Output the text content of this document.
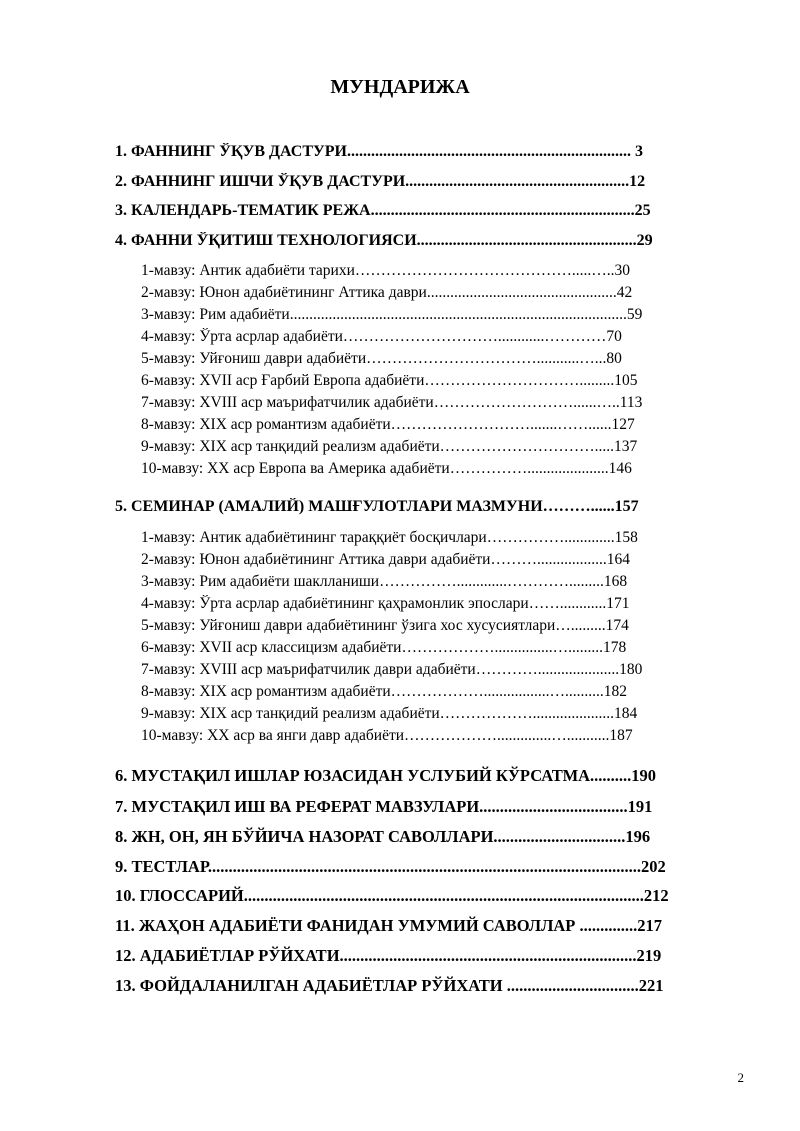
МУНДАРИЖА
1. ФАННИНГ ЎҚУВ ДАСТУРИ....................................................................... 3
2. ФАННИНГ ИШЧИ ЎҚУВ ДАСТУРИ........................................................12
3. КАЛЕНДАРЬ-ТЕМАТИК РЕЖА..................................................................25
4. ФАННИ ЎҚИТИШ ТЕХНОЛОГИЯСИ.......................................................29
1-мавзу: Антик адабиёти тарихи…………………………………….....…..30
2-мавзу: Юнон адабиётининг Аттика даври.................................................42
3-мавзу: Рим адабиёти.......................................................................................59
4-мавзу: Ўрта асрлар адабиёти…………………………............…………70
5-мавзу: Уйғониш даври адабиёти……………………………...........…...80
6-мавзу: XVII аср Ғарбий Европа адабиёти………………………….........105
7-мавзу: XVIII аср маърифатчилик адабиёти………………………......…..113
8-мавзу: XIX аср романтизм адабиёти……………………….......……......127
9-мавзу: XIX аср танқидий реализм адабиёти………………………….....137
10-мавзу: XX аср Европа ва Америка адабиёти…………….....................146
5. СЕМИНАР (АМАЛИЙ) МАШҒУЛОТЛАРИ МАЗМУНИ………......157
1-мавзу: Антик адабиётининг тараққиёт босқичлари…………….............158
2-мавзу: Юнон адабиётининг Аттика даври адабиёти………..................164
3-мавзу: Рим адабиёти шаклланиши…………….............………….........168
4-мавзу: Ўрта асрлар адабиётининг қаҳрамонлик эпослари……............171
5-мавзу: Уйғониш даври адабиётининг ўзига хос хусусиятлари….........174
6-мавзу: XVII аср классицизм адабиёти………………...............….........178
7-мавзу: XVIII аср маърифатчилик даври адабиёти………….....................180
8-мавзу: XIX аср романтизм адабиёти……………….................…..........182
9-мавзу: XIX аср танқидий реализм адабиёти……………….....................184
10-мавзу: XX аср ва янги давр адабиёти………………..............…...........187
6. МУСТАҚИЛ ИШЛАР ЮЗАСИДАН УСЛУБИЙ КЎРСАТМА..........190
7. МУСТАҚИЛ ИШ ВА РЕФЕРАТ МАВЗУЛАРИ....................................191
8. ЖН, ОН, ЯН БЎЙИЧА НАЗОРАТ САВОЛЛАРИ................................196
9. ТЕСТЛАР.........................................................................................................202
10. ГЛОССАРИЙ.................................................................................................212
11. ЖАҲОН АДАБИЁТИ ФАНИДАН УМУМИЙ САВОЛЛАР ..............217
12. АДАБИЁТЛАР РЎЙХАТИ........................................................................219
13. ФОЙДАЛАНИЛГАН АДАБИЁТЛАР РЎЙХАТИ ................................221
2
